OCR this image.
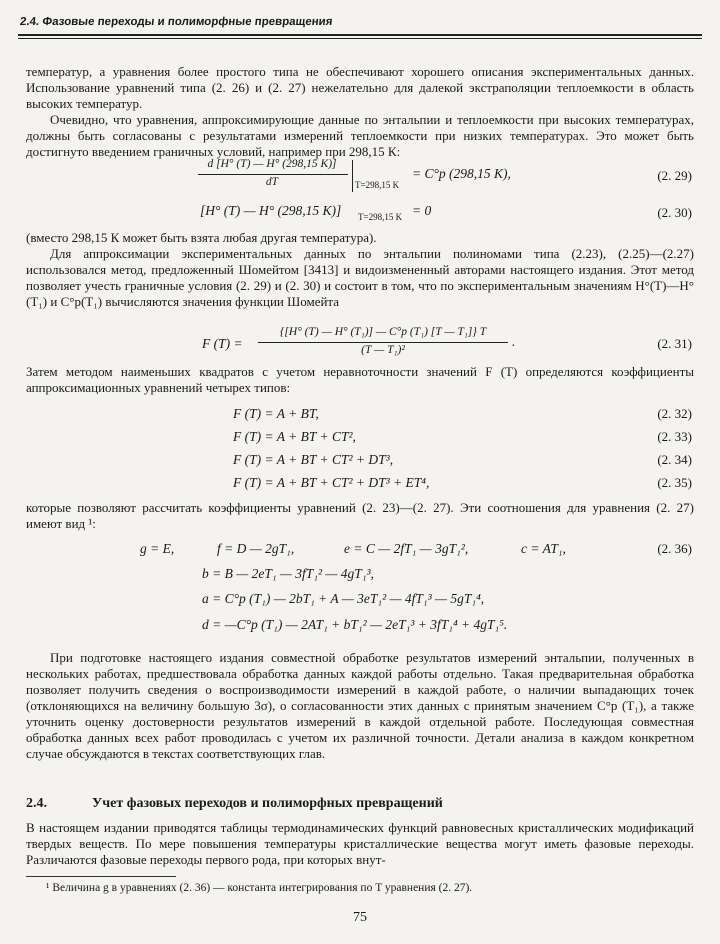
2.4. Фазовые переходы и полиморфные превращения
температур, а уравнения более простого типа не обеспечивают хорошего описания экспериментальных данных. Использование уравнений типа (2. 26) и (2. 27) нежелательно для далекой экстраполяции теплоемкости в область высоких температур.
Очевидно, что уравнения, аппроксимирующие данные по энтальпии и теплоемкости при высоких температурах, должны быть согласованы с результатами измерений теплоемкости при низких температурах. Это может быть достигнуто введением граничных условий, например при 298,15 К:
d [H° (T) — H° (298,15 K)]
dT	T=298,15 K
= C°p (298,15 K),	(2. 29)
[H° (T) — H° (298,15 K)] T=298,15 K = 0	(2. 30)
(вместо 298,15 К может быть взята любая другая температура).
Для аппроксимации экспериментальных данных по энтальпии полиномами типа (2.23), (2.25)—(2.27) использовался метод, предложенный Шомейтом [3413] и видоизмененный авторами настоящего издания. Этот метод позволяет учесть граничные условия (2. 29) и (2. 30) и состоит в том, что по экспериментальным значениям H°(T)—H°(T₁) и C°p(T₁) вычисляются значения функции Шомейта
F (T) =
{[H° (T) — H° (T₁)] — C°p (T₁) [T — T₁]} T
(T — T₁)²
.	(2. 31)
Затем методом наименьших квадратов с учетом неравноточности значений F (T) определяются коэффициенты аппроксимационных уравнений четырех типов:
F (T) = A + BT,	(2. 32)
F (T) = A + BT + CT²,	(2. 33)
F (T) = A + BT + CT² + DT³,	(2. 34)
F (T) = A + BT + CT² + DT³ + ET⁴,	(2. 35)
которые позволяют рассчитать коэффициенты уравнений (2. 23)—(2. 27). Эти соотношения для уравнения (2. 27) имеют вид ¹:
g = E,	f = D — 2gT₁,	e = C — 2fT₁ — 3gT₁²,	c = AT₁,	(2. 36)
b = B — 2eT₁ — 3fT₁² — 4gT₁³,
a = C°p (T₁) — 2bT₁ + A — 3eT₁² — 4fT₁³ — 5gT₁⁴,
d = —C°p (T₁) — 2AT₁ + bT₁² — 2eT₁³ + 3fT₁⁴ + 4gT₁⁵.
При подготовке настоящего издания совместной обработке результатов измерений энтальпии, полученных в нескольких работах, предшествовала обработка данных каждой работы отдельно. Такая предварительная обработка позволяет получить сведения о воспроизводимости измерений в каждой работе, о наличии выпадающих точек (отклоняющихся на величину большую 3σ), о согласованности этих данных с принятым значением C°p (T₁), а также уточнить оценку достоверности результатов измерений в каждой отдельной работе. Последующая совместная обработка данных всех работ проводилась с учетом их различной точности. Детали анализа в каждом конкретном случае обсуждаются в текстах соответствующих глав.
2.4.	Учет фазовых переходов и полиморфных превращений
В настоящем издании приводятся таблицы термодинамических функций равновесных кристаллических модификаций твердых веществ. По мере повышения температуры кристаллические вещества могут иметь фазовые переходы. Различаются фазовые переходы первого рода, при которых внут-
¹ Величина g в уравнениях (2. 36) — константа интегрирования по T уравнения (2. 27).
75
